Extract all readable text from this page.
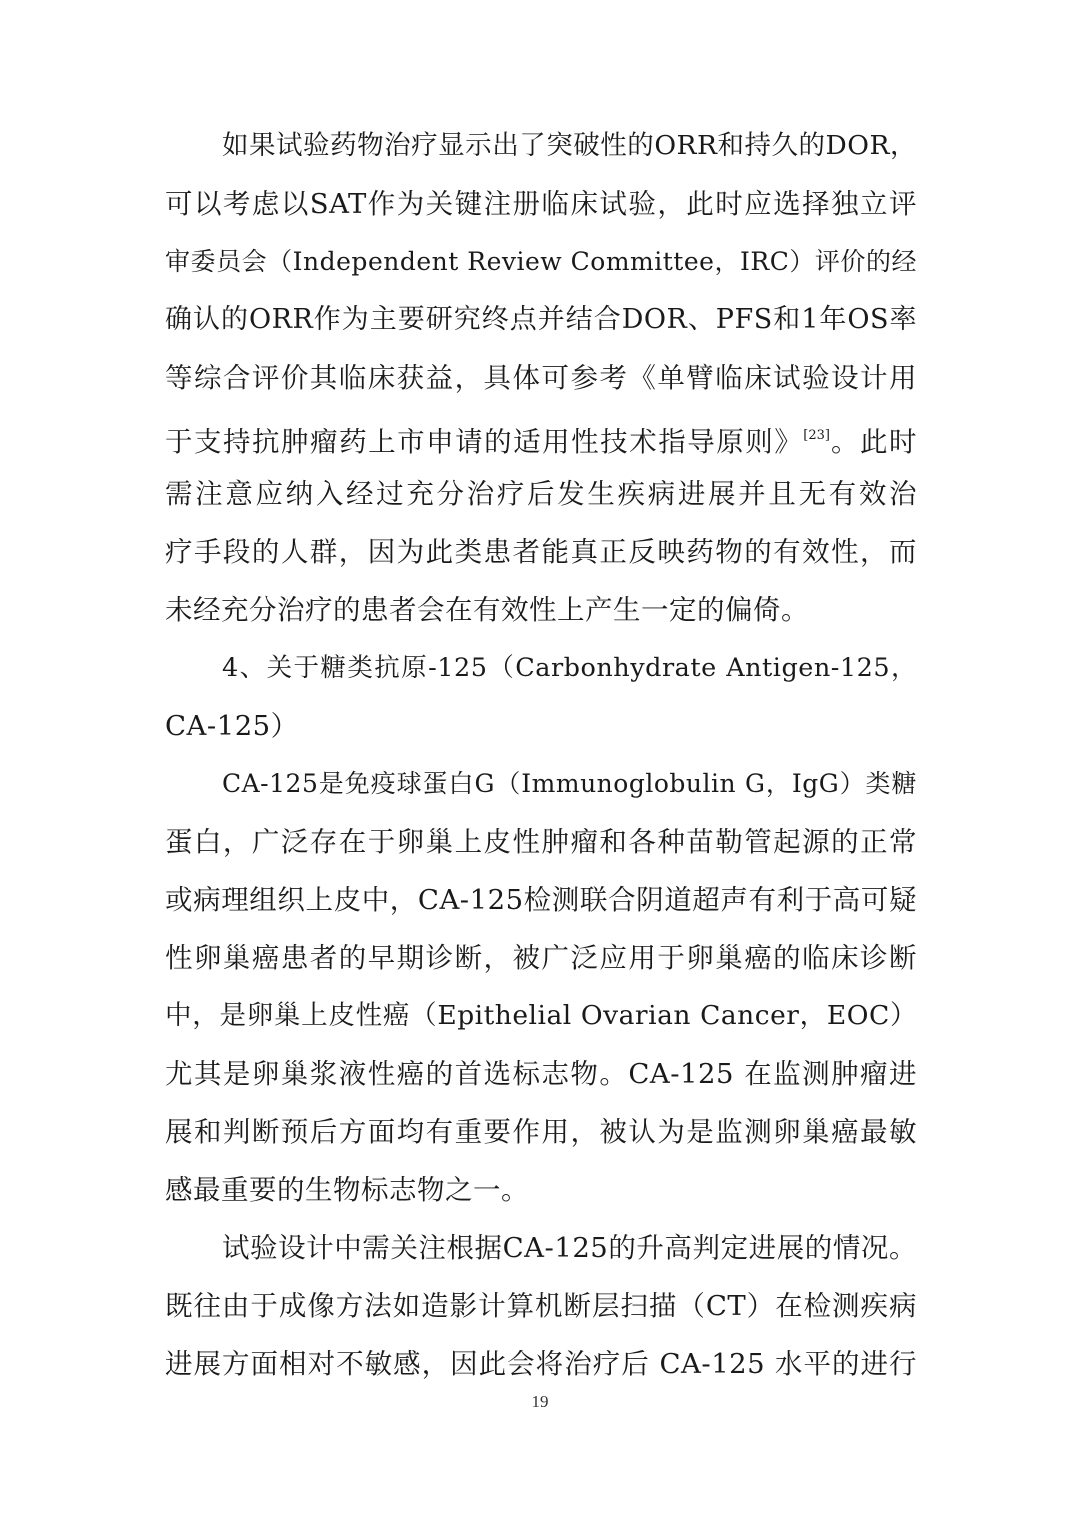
如果试验药物治疗显示出了突破性的ORR和持久的DOR，
可以考虑以SAT作为关键注册临床试验，此时应选择独立评
审委员会（Independent Review Committee，IRC）评价的经
确认的ORR作为主要研究终点并结合DOR、PFS和1年OS率
等综合评价其临床获益，具体可参考《单臂临床试验设计用
于支持抗肿瘤药上市申请的适用性技术指导原则》[23]。此时
需注意应纳入经过充分治疗后发生疾病进展并且无有效治
疗手段的人群，因为此类患者能真正反映药物的有效性，而
未经充分治疗的患者会在有效性上产生一定的偏倚。
4、关于糖类抗原-125（Carbonhydrate Antigen-125，
CA-125）
CA-125是免疫球蛋白G（Immunoglobulin G，IgG）类糖
蛋白，广泛存在于卵巢上皮性肿瘤和各种苗勒管起源的正常
或病理组织上皮中，CA-125检测联合阴道超声有利于高可疑
性卵巢癌患者的早期诊断，被广泛应用于卵巢癌的临床诊断
中，是卵巢上皮性癌（Epithelial Ovarian Cancer，EOC）
尤其是卵巢浆液性癌的首选标志物。CA-125 在监测肿瘤进
展和判断预后方面均有重要作用，被认为是监测卵巢癌最敏
感最重要的生物标志物之一。
试验设计中需关注根据CA-125的升高判定进展的情况。
既往由于成像方法如造影计算机断层扫描（CT）在检测疾病
进展方面相对不敏感，因此会将治疗后 CA-125 水平的进行
19
